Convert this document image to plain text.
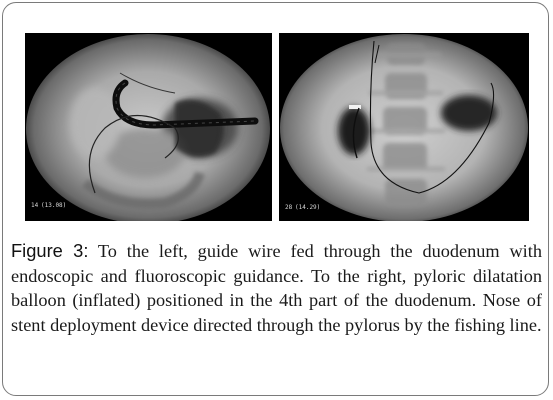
14 (13.08)	28 (14.29)

Figure 3: To the left, guide wire fed through the duodenum with endoscopic and fluoroscopic guidance. To the right, pyloric dilatation balloon (inflated) positioned in the 4th part of the duodenum. Nose of stent deployment device directed through the pylorus by the fishing line.
